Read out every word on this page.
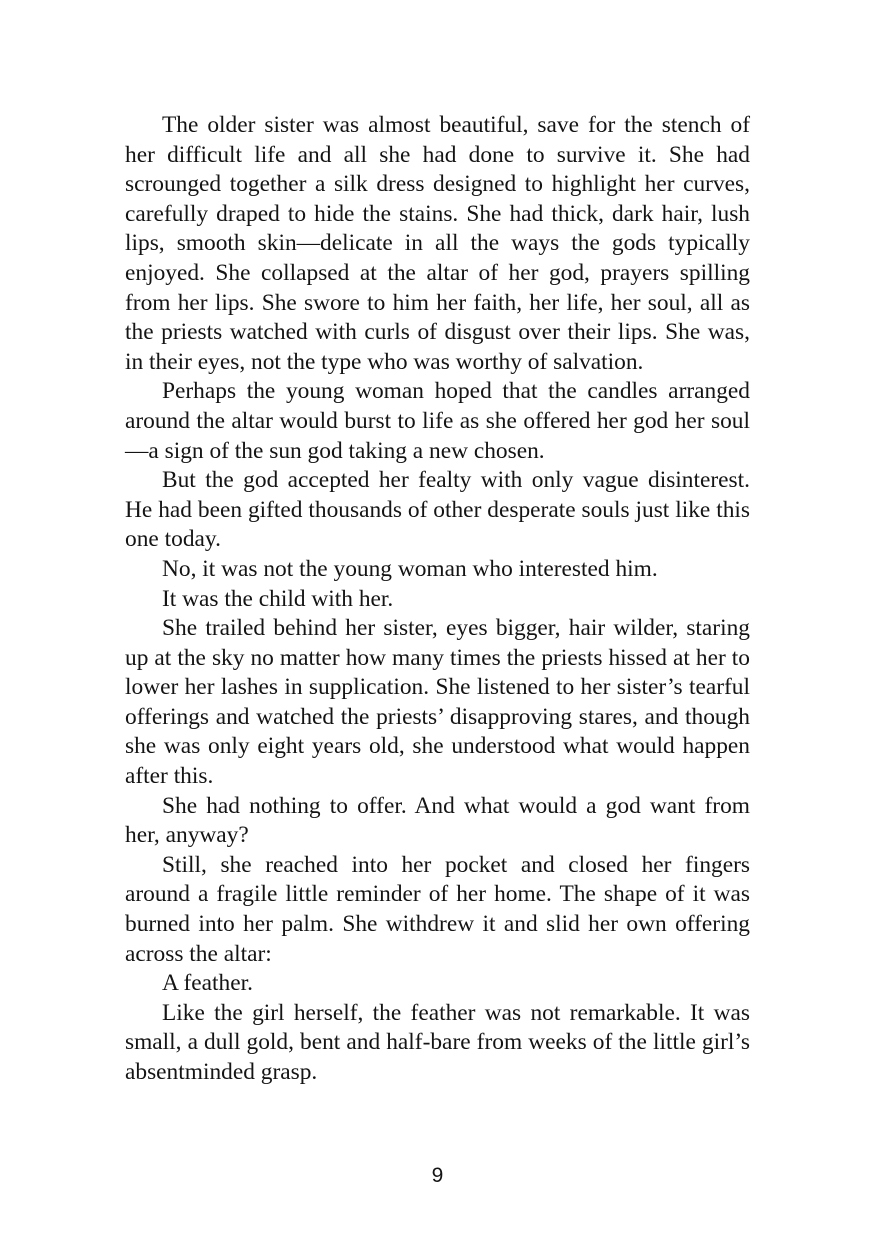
The older sister was almost beautiful, save for the stench of her difficult life and all she had done to survive it. She had scrounged together a silk dress designed to highlight her curves, carefully draped to hide the stains. She had thick, dark hair, lush lips, smooth skin—delicate in all the ways the gods typically enjoyed. She collapsed at the altar of her god, prayers spilling from her lips. She swore to him her faith, her life, her soul, all as the priests watched with curls of disgust over their lips. She was, in their eyes, not the type who was worthy of salvation.

Perhaps the young woman hoped that the candles arranged around the altar would burst to life as she offered her god her soul—a sign of the sun god taking a new chosen.

But the god accepted her fealty with only vague disinterest. He had been gifted thousands of other desperate souls just like this one today.

No, it was not the young woman who interested him.

It was the child with her.

She trailed behind her sister, eyes bigger, hair wilder, staring up at the sky no matter how many times the priests hissed at her to lower her lashes in supplication. She listened to her sister’s tearful offerings and watched the priests’ disapproving stares, and though she was only eight years old, she understood what would happen after this.

She had nothing to offer. And what would a god want from her, anyway?

Still, she reached into her pocket and closed her fingers around a fragile little reminder of her home. The shape of it was burned into her palm. She withdrew it and slid her own offering across the altar:

A feather.

Like the girl herself, the feather was not remarkable. It was small, a dull gold, bent and half-bare from weeks of the little girl’s absentminded grasp.

9
